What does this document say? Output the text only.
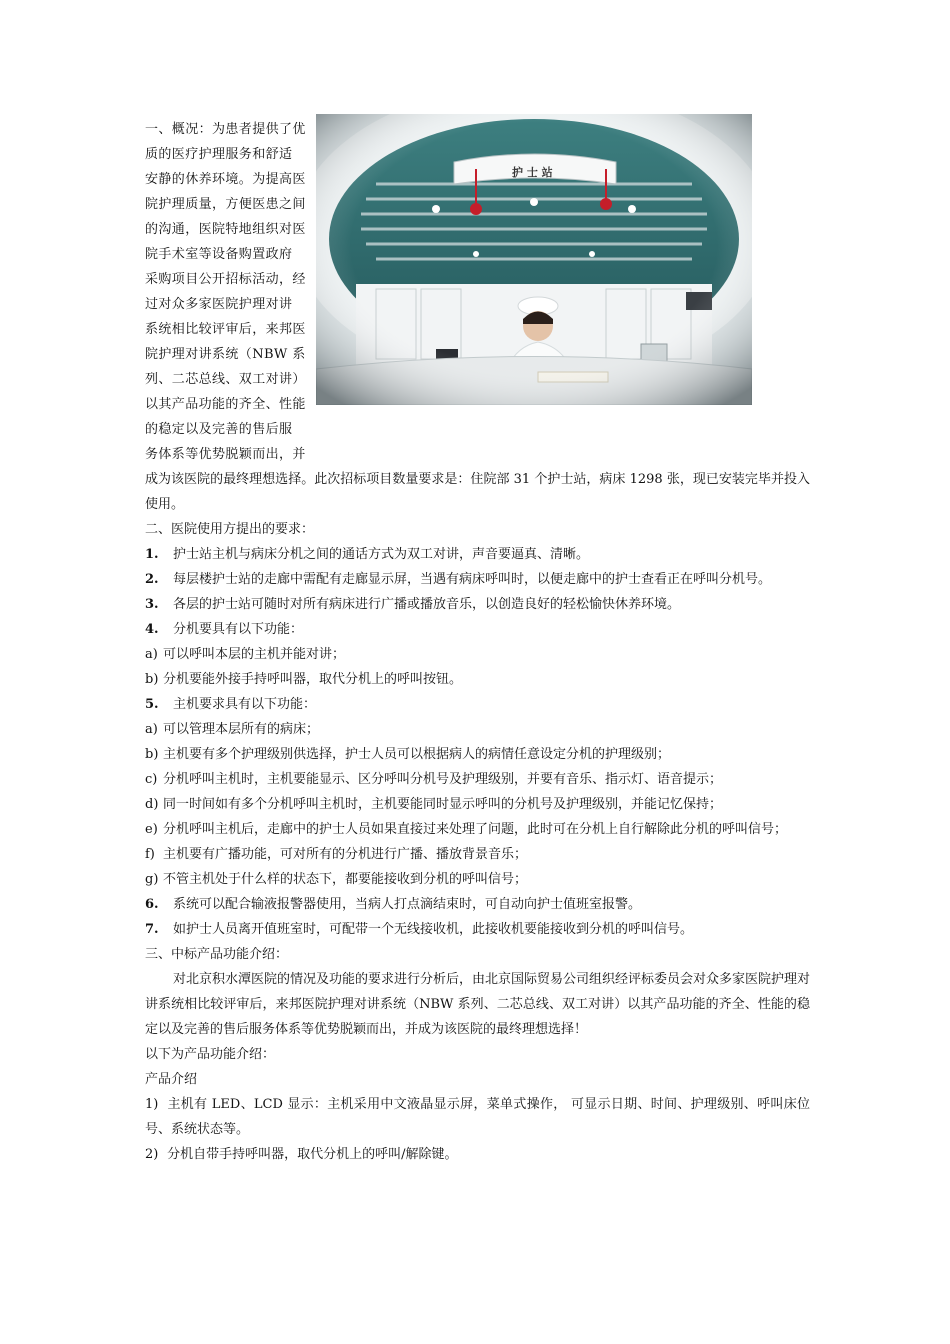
一、概况：为患者提供了优
质的医疗护理服务和舒适
安静的休养环境。为提高医
院护理质量，方便医患之间
的沟通，医院特地组织对医
院手术室等设备购置政府
采购项目公开招标活动，经
过对众多家医院护理对讲
系统相比较评审后，来邦医
院护理对讲系统（NBW 系
列、二芯总线、双工对讲）
以其产品功能的齐全、性能
的稳定以及完善的售后服
务体系等优势脱颖而出，并

成为该医院的最终理想选择。此次招标项目数量要求是：住院部 31 个护士站，病床 1298 张，现已安装完毕并投入使用。

二、医院使用方提出的要求：

1. 护士站主机与病床分机之间的通话方式为双工对讲，声音要逼真、清晰。

2. 每层楼护士站的走廊中需配有走廊显示屏，当遇有病床呼叫时，以便走廊中的护士查看正在呼叫分机号。

3. 各层的护士站可随时对所有病床进行广播或播放音乐，以创造良好的轻松愉快休养环境。

4. 分机要具有以下功能：

a) 可以呼叫本层的主机并能对讲；

b) 分机要能外接手持呼叫器，取代分机上的呼叫按钮。

5. 主机要求具有以下功能：

a) 可以管理本层所有的病床；

b) 主机要有多个护理级别供选择，护士人员可以根据病人的病情任意设定分机的护理级别；

c) 分机呼叫主机时，主机要能显示、区分呼叫分机号及护理级别，并要有音乐、指示灯、语音提示；

d) 同一时间如有多个分机呼叫主机时，主机要能同时显示呼叫的分机号及护理级别，并能记忆保持；

e) 分机呼叫主机后，走廊中的护士人员如果直接过来处理了问题，此时可在分机上自行解除此分机的呼叫信号；

f) 主机要有广播功能，可对所有的分机进行广播、播放背景音乐；

g) 不管主机处于什么样的状态下，都要能接收到分机的呼叫信号；

6. 系统可以配合输液报警器使用，当病人打点滴结束时，可自动向护士值班室报警。

7. 如护士人员离开值班室时，可配带一个无线接收机，此接收机要能接收到分机的呼叫信号。

三、中标产品功能介绍：

对北京积水潭医院的情况及功能的要求进行分析后，由北京国际贸易公司组织经评标委员会对众多家医院护理对讲系统相比较评审后，来邦医院护理对讲系统（NBW 系列、二芯总线、双工对讲）以其产品功能的齐全、性能的稳定以及完善的售后服务体系等优势脱颖而出，并成为该医院的最终理想选择！

以下为产品功能介绍：

产品介绍

1) 主机有 LED、LCD 显示：主机采用中文液晶显示屏，菜单式操作， 可显示日期、时间、护理级别、呼叫床位号、系统状态等。

2) 分机自带手持呼叫器，取代分机上的呼叫/解除键。
